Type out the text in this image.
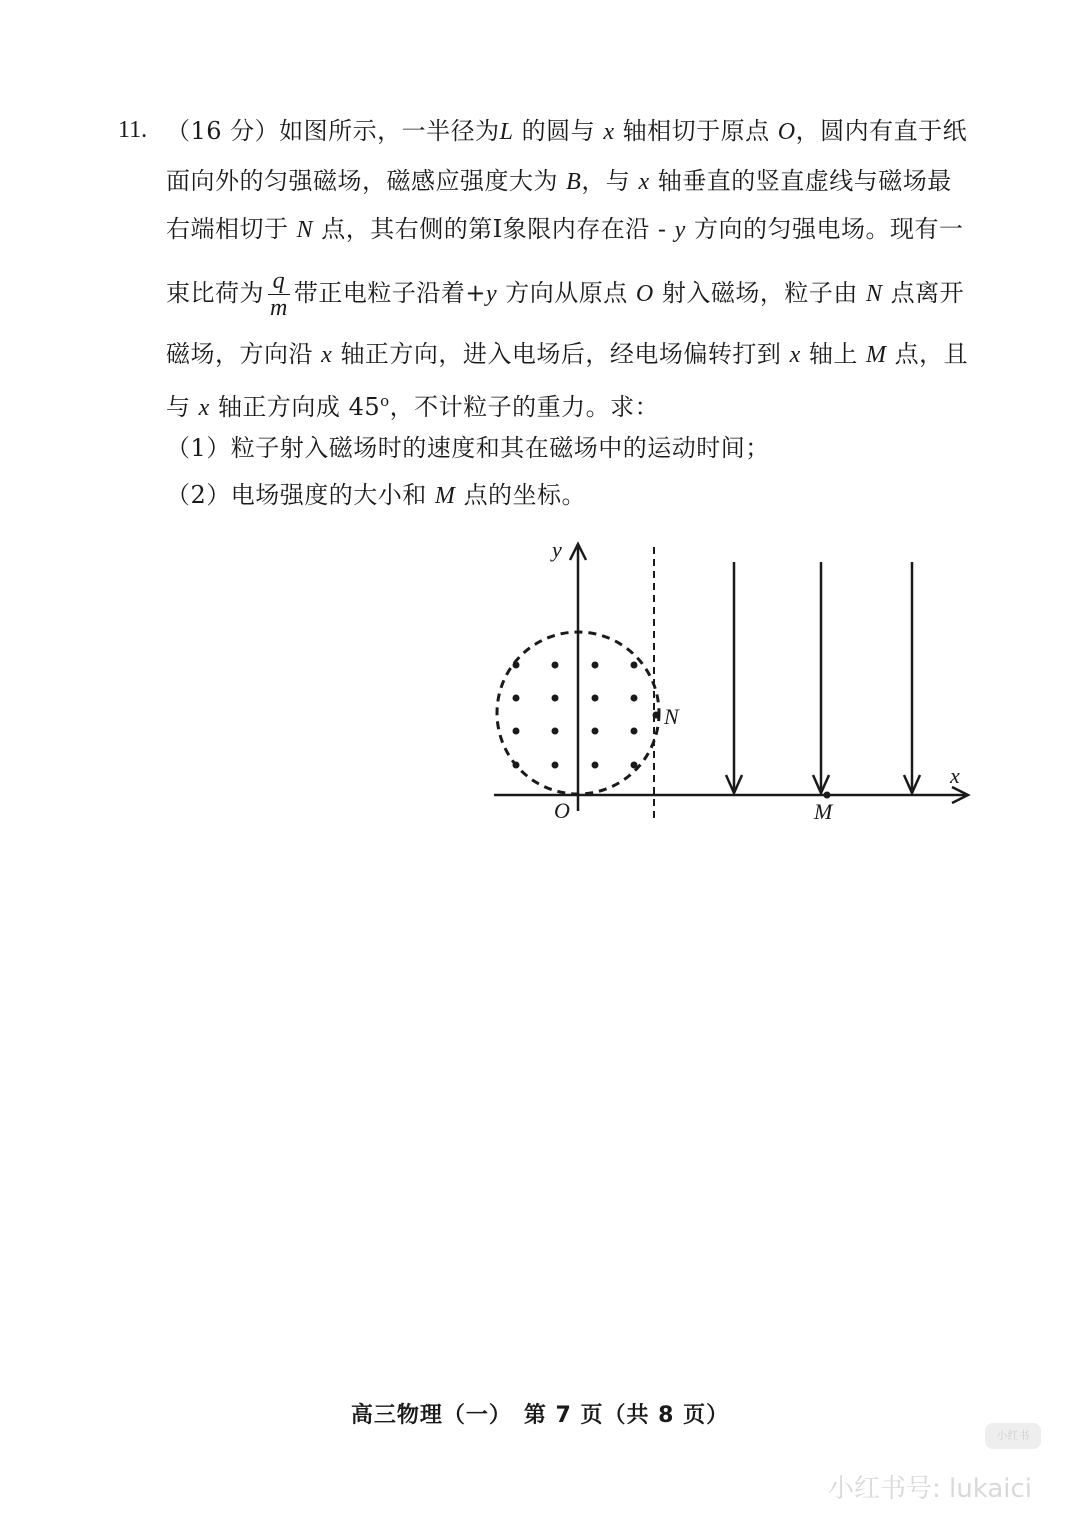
11. （16 分）如图所示，一半径为L 的圆与 x 轴相切于原点 O，圆内有直于纸
面向外的匀强磁场，磁感应强度大为 B，与 x 轴垂直的竖直虚线与磁场最
右端相切于 N 点，其右侧的第Ⅰ象限内存在沿 - y 方向的匀强电场。现有一
束比荷为 $\frac{q}{m}$ 带正电粒子沿着+y 方向从原点 O 射入磁场，粒子由 N 点离开
磁场，方向沿 x 轴正方向，进入电场后，经电场偏转打到 x 轴上 M 点，且
与 x 轴正方向成 45$^o$，不计粒子的重力。求：
（1）粒子射入磁场时的速度和其在磁场中的运动时间；
（2）电场强度的大小和 M 点的坐标。
y
x
O
N
M
高三物理（一）　第 7 页（共 8 页）
小红书
小红书号: lukaici
